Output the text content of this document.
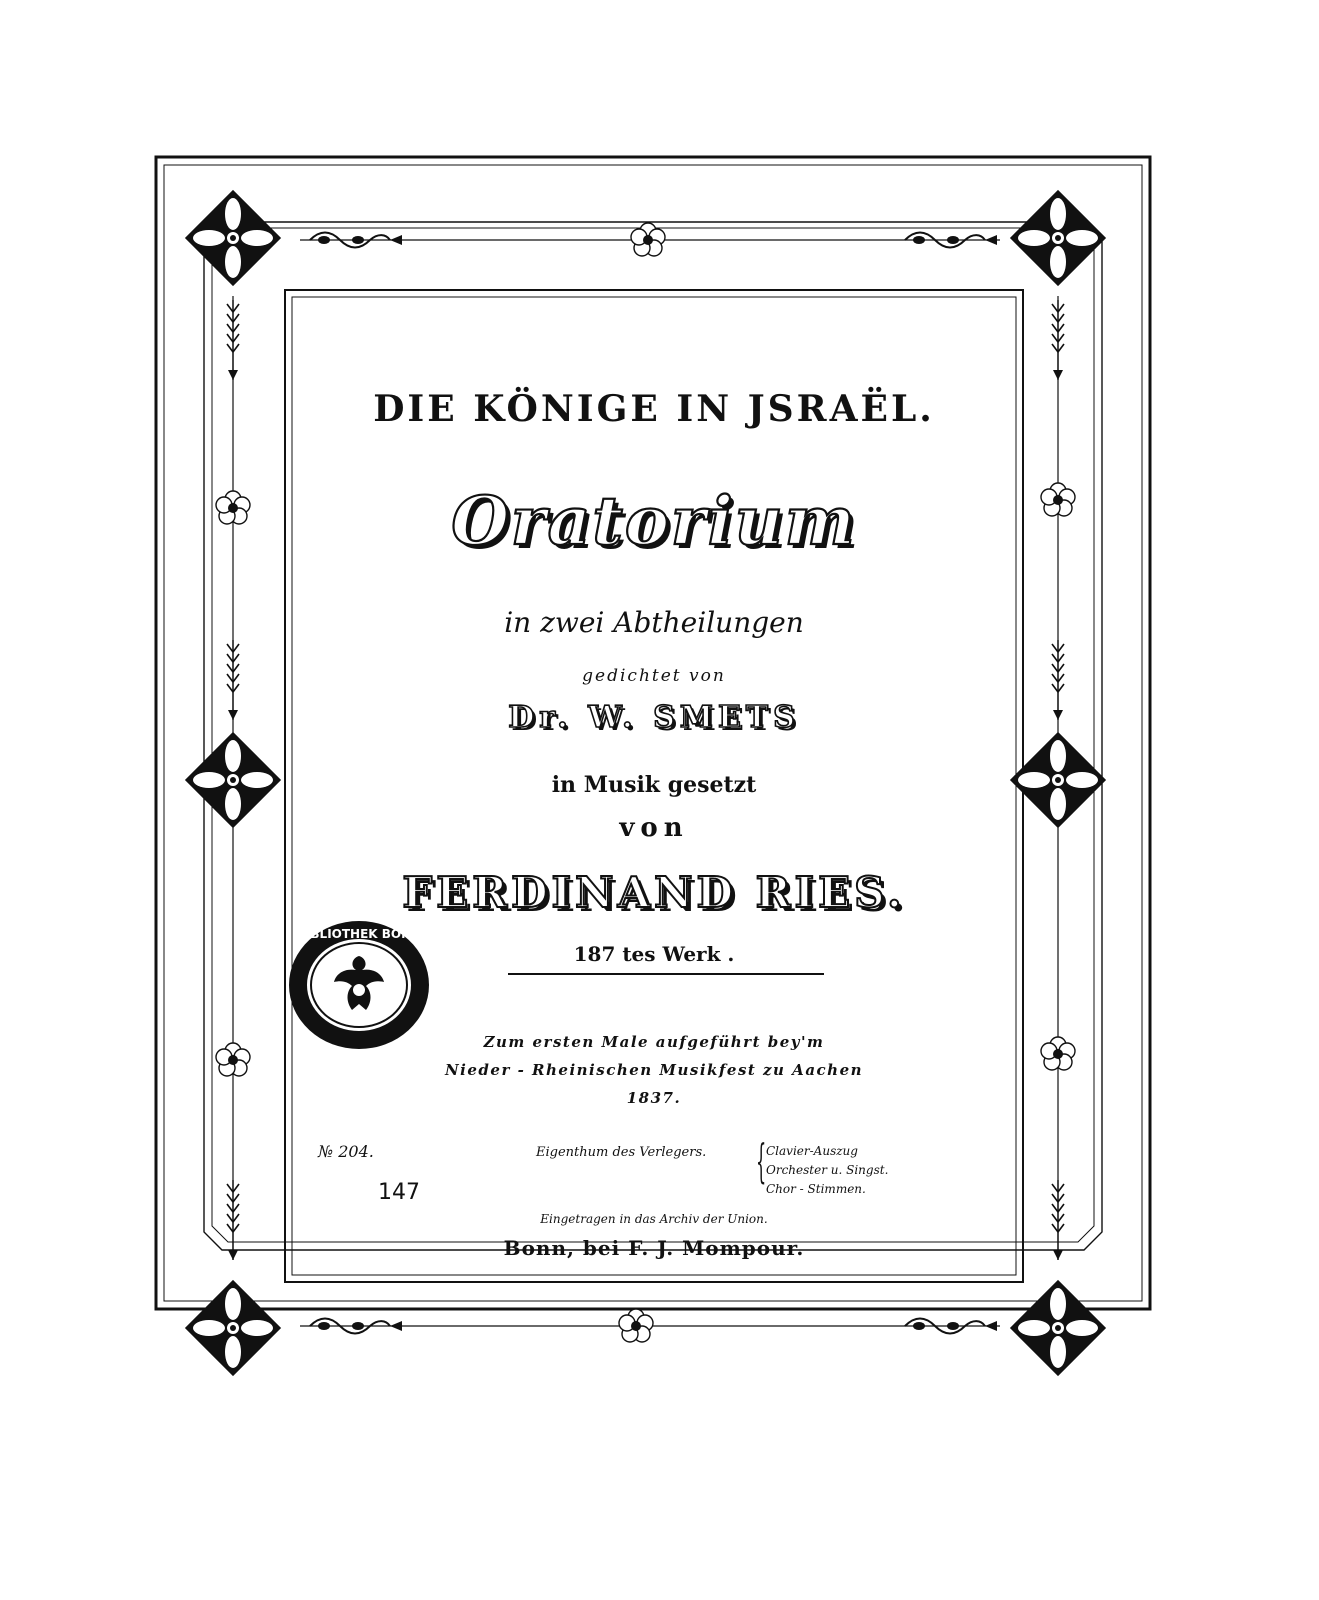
DIE KÖNIGE IN JSRAËL.
Oratorium
in zwei Abtheilungen
gedichtet von
Dr. W. SMETS
in Musik gesetzt
von
FERDINAND RIES.
187 tes Werk .
Zum ersten Male aufgeführt bey'm
Nieder - Rheinischen Musikfest zu Aachen
1837.
№ 204.
147
Eigenthum des Verlegers. { Clavier-Auszug
Orchester u. Singst.
Chor - Stimmen.
Eingetragen in das Archiv der Union.
Bonn, bei F. J. Mompour.
BIBLIOTHEK BONN
